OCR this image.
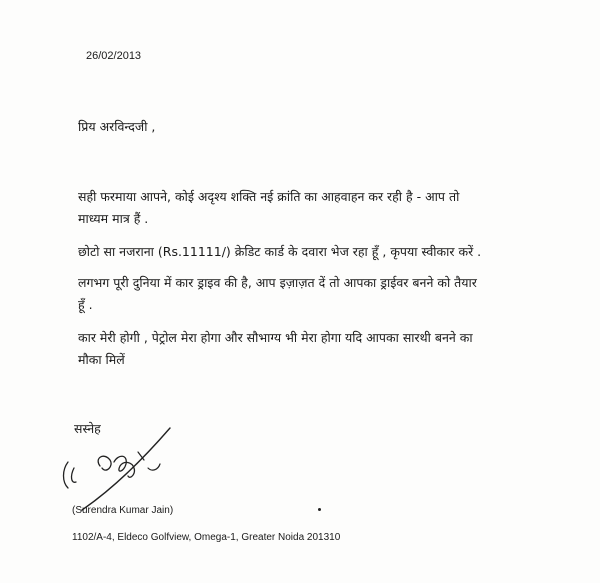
26/02/2013
प्रिय अरविन्दजी ,
सही फरमाया आपने, कोई अदृश्य शक्ति नई क्रांति का आहवाहन कर रही है - आप तो
माध्यम मात्र हैं .
छोटो सा नजराना (Rs.11111/) क्रेडिट कार्ड के दवारा भेज रहा हूँ , कृपया स्वीकार करें .
लगभग पूरी दुनिया में कार ड्राइव की है, आप इज़ाज़त दें तो आपका ड्राईवर बनने को तैयार
हूँ .
कार मेरी होगी , पेट्रोल मेरा होगा और सौभाग्य भी मेरा होगा यदि आपका सारथी बनने का
मौका मिलें
सस्नेह
(Surendra Kumar Jain)
1102/A-4, Eldeco Golfview, Omega-1, Greater Noida 201310
